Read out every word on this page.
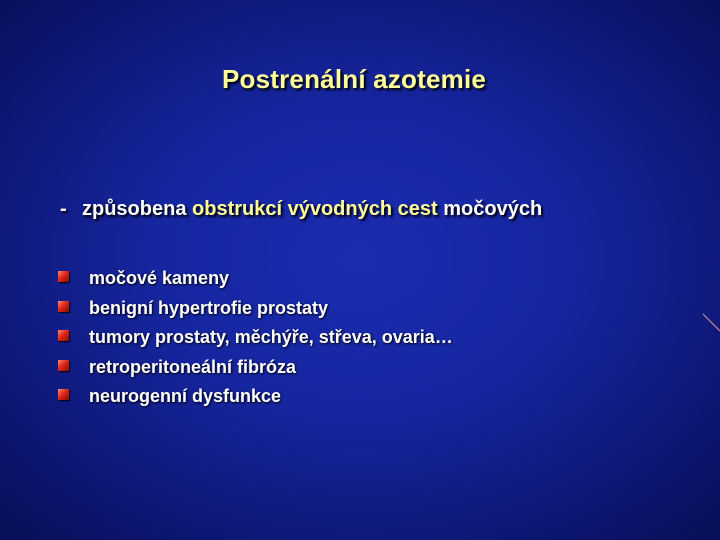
Postrenální azotemie
- způsobena obstrukcí vývodných cest močových
močové kameny
benigní hypertrofie prostaty
tumory prostaty, měchýře, střeva, ovaria…
retroperitoneální fibróza
neurogenní dysfunkce
